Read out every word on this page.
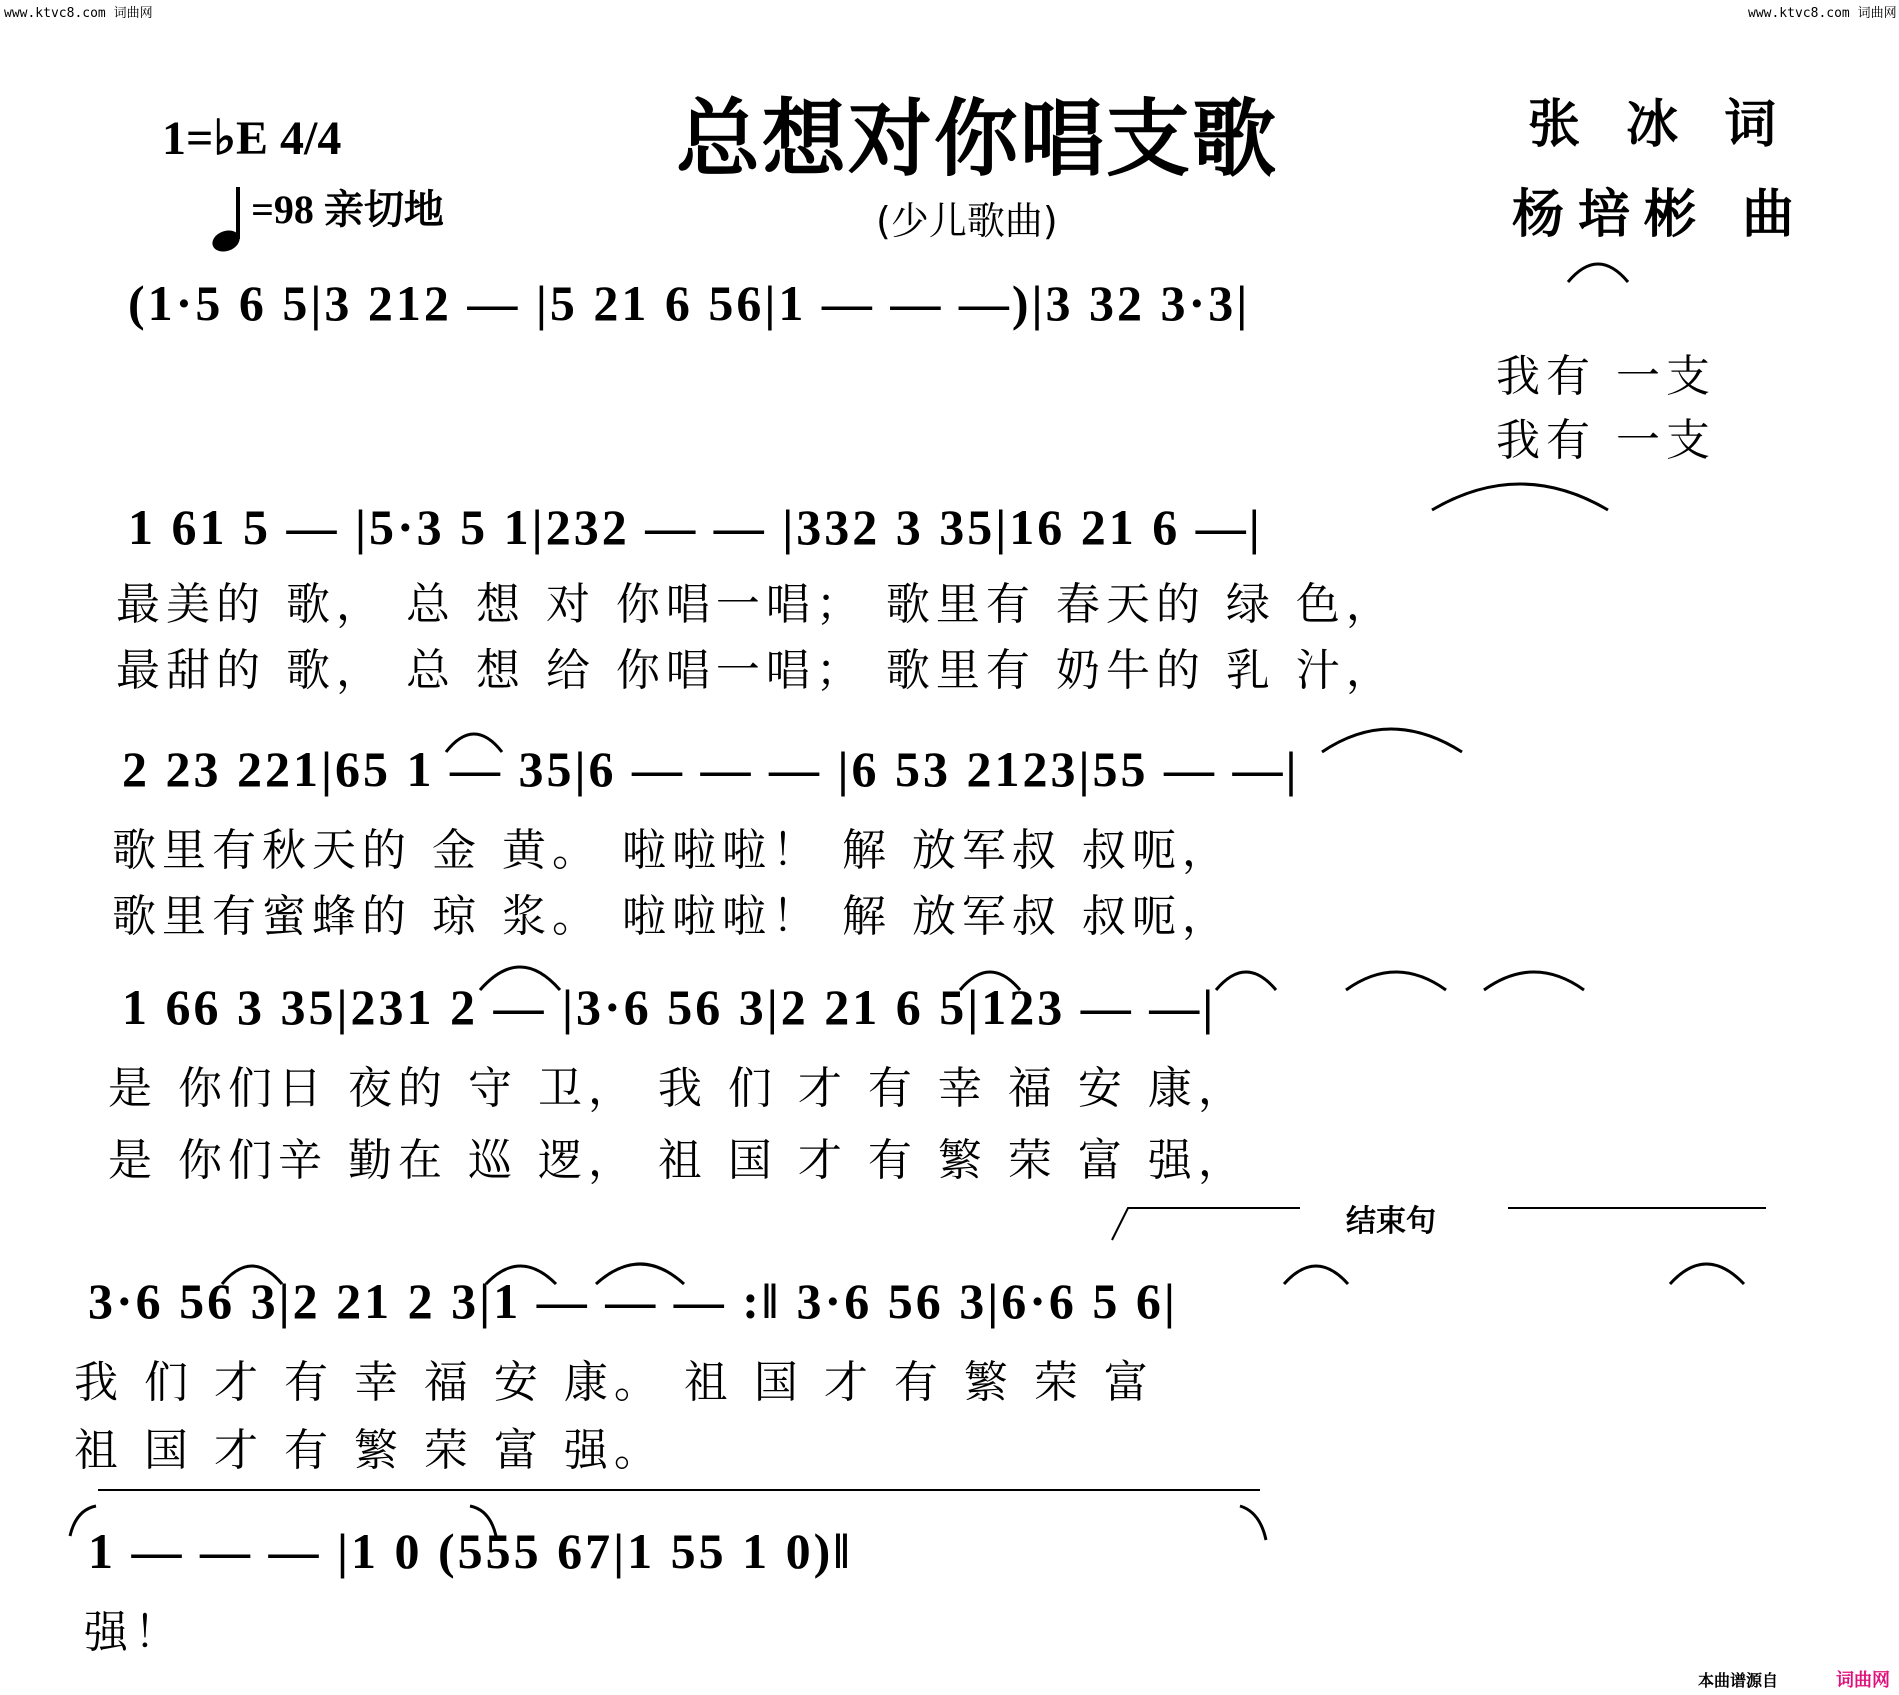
www.ktvc8.com 词曲网	www.ktvc8.com 词曲网
1=♭E 4/4
=98 亲切地
总想对你唱支歌
(少儿歌曲)
张 冰 词
杨培彬 曲
(1·5 6 5|3 212 — |5 21 6 56|1 — — —)|3 32 3·3|
我有 一支
我有 一支
1 61 5 — |5·3 5 1|232 — — |332 3 35|16 21 6 —|
最美的 歌， 总 想 对 你唱一唱； 歌里有 春天的 绿 色，
最甜的 歌， 总 想 给 你唱一唱； 歌里有 奶牛的 乳 汁，
2 23 221|65 1 — 35|6 — — — |6 53 2123|55 — —|
歌里有秋天的 金 黄。 啦啦啦！ 解 放军叔 叔呃，
歌里有蜜蜂的 琼 浆。 啦啦啦！ 解 放军叔 叔呃，
1 66 3 35|231 2 — |3·6 56 3|2 21 6 5|123 — —|
是 你们日 夜的 守 卫， 我 们 才 有 幸 福 安 康，
是 你们辛 勤在 巡 逻， 祖 国 才 有 繁 荣 富 强，
结束句
3·6 56 3|2 21 2 3|1 — — — :‖ 3·6 56 3|6·6 5 6|
我 们 才 有 幸 福 安 康。 祖 国 才 有 繁 荣 富
祖 国 才 有 繁 荣 富 强。
1 — — — |1 0 (555 67|1 55 1 0)‖
强！
本曲谱源自	词曲网
